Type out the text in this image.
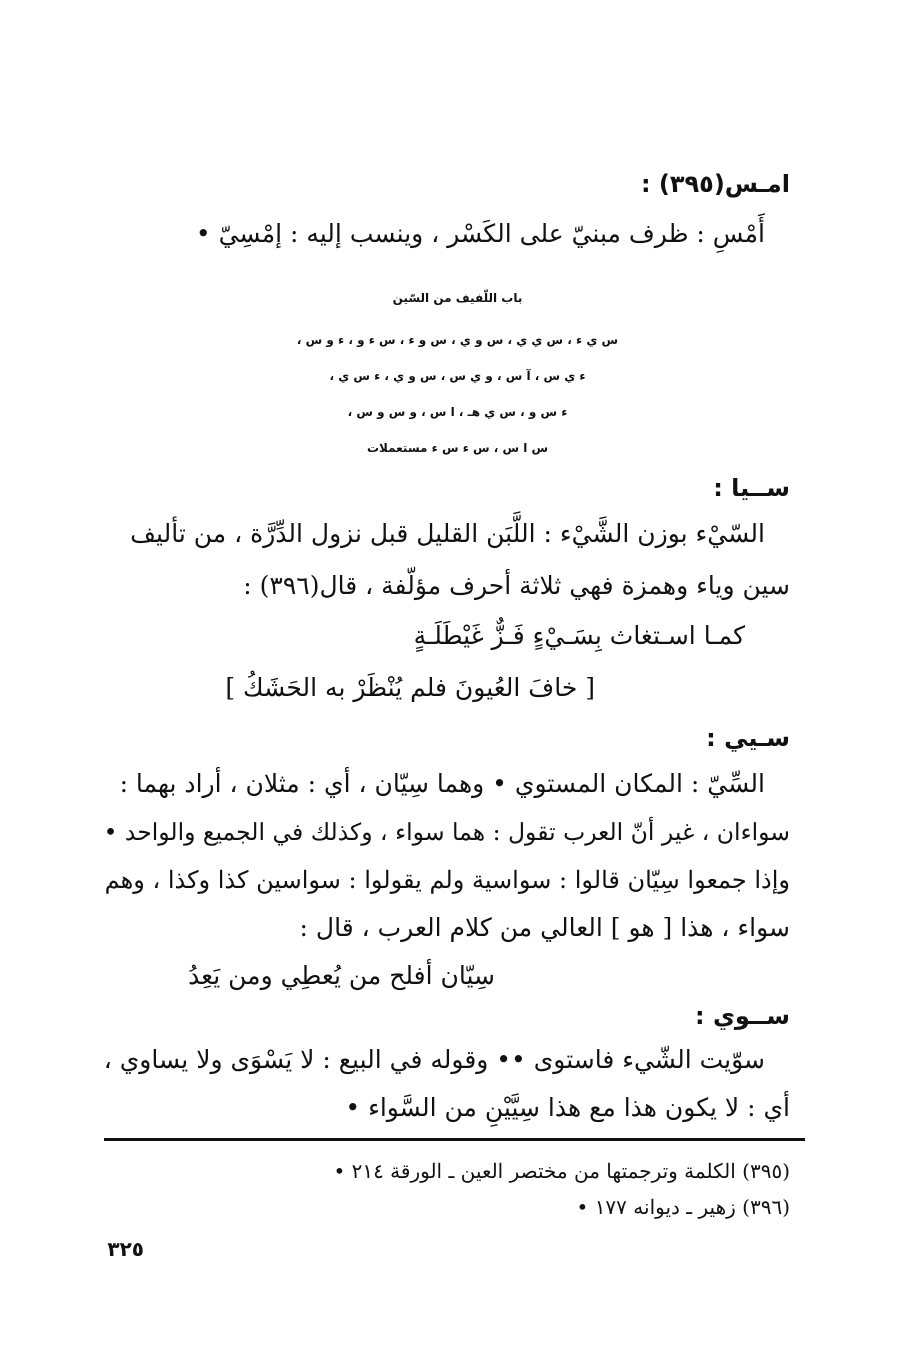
امـس(٣٩٥) :
أَمْسِ : ظرف مبنيّ على الكَسْر ، وينسب إليه : إمْسِيّ •
باب اللّفيف من السّين
س ي ء ، س ي ي ، س و ي ، س و ء ، س ء و ، ء و س ،
ء ي س ، آ س ، و ي س ، س و ي ، ء س ي ،
ء س و ، س ي هـ ، ا س ، و س و س ،
س ا س ، س ء س ء مستعملات
ســيا :
السّيْء بوزن الشَّيْء : اللَّبَن القليل قبل نزول الدِّرَّة ، من تأليف
سين وياء وهمزة فهي ثلاثة أحرف مؤلّفة ، قال(٣٩٦) :
كمـا اسـتغاث بِسَـيْءٍ فَـزٌّ غَيْطَلَـةٍ
[ خافَ العُيونَ فلم يُنْظَرْ به الحَشَكُ ]
سـيي :
السِّيّ : المكان المستوي • وهما سِيّان ، أي : مثلان ، أراد بهما :
سواءان ، غير أنّ العرب تقول : هما سواء ، وكذلك في الجميع والواحد •
وإذا جمعوا سِيّان قالوا : سواسية ولم يقولوا : سواسين كذا وكذا ، وهم
سواء ، هذا [ هو ] العالي من كلام العرب ، قال :
سِيّان أفلح من يُعطِي ومن يَعِدُ
ســوي :
سوّيت الشّيء فاستوى •• وقوله في البيع : لا يَسْوَى ولا يساوي ،
أي : لا يكون هذا مع هذا سِيَّيْنِ من السَّواء •
(٣٩٥) الكلمة وترجمتها من مختصر العين ـ الورقة ٢١٤ •
(٣٩٦) زهير ـ ديوانه ١٧٧ •
٣٢٥
